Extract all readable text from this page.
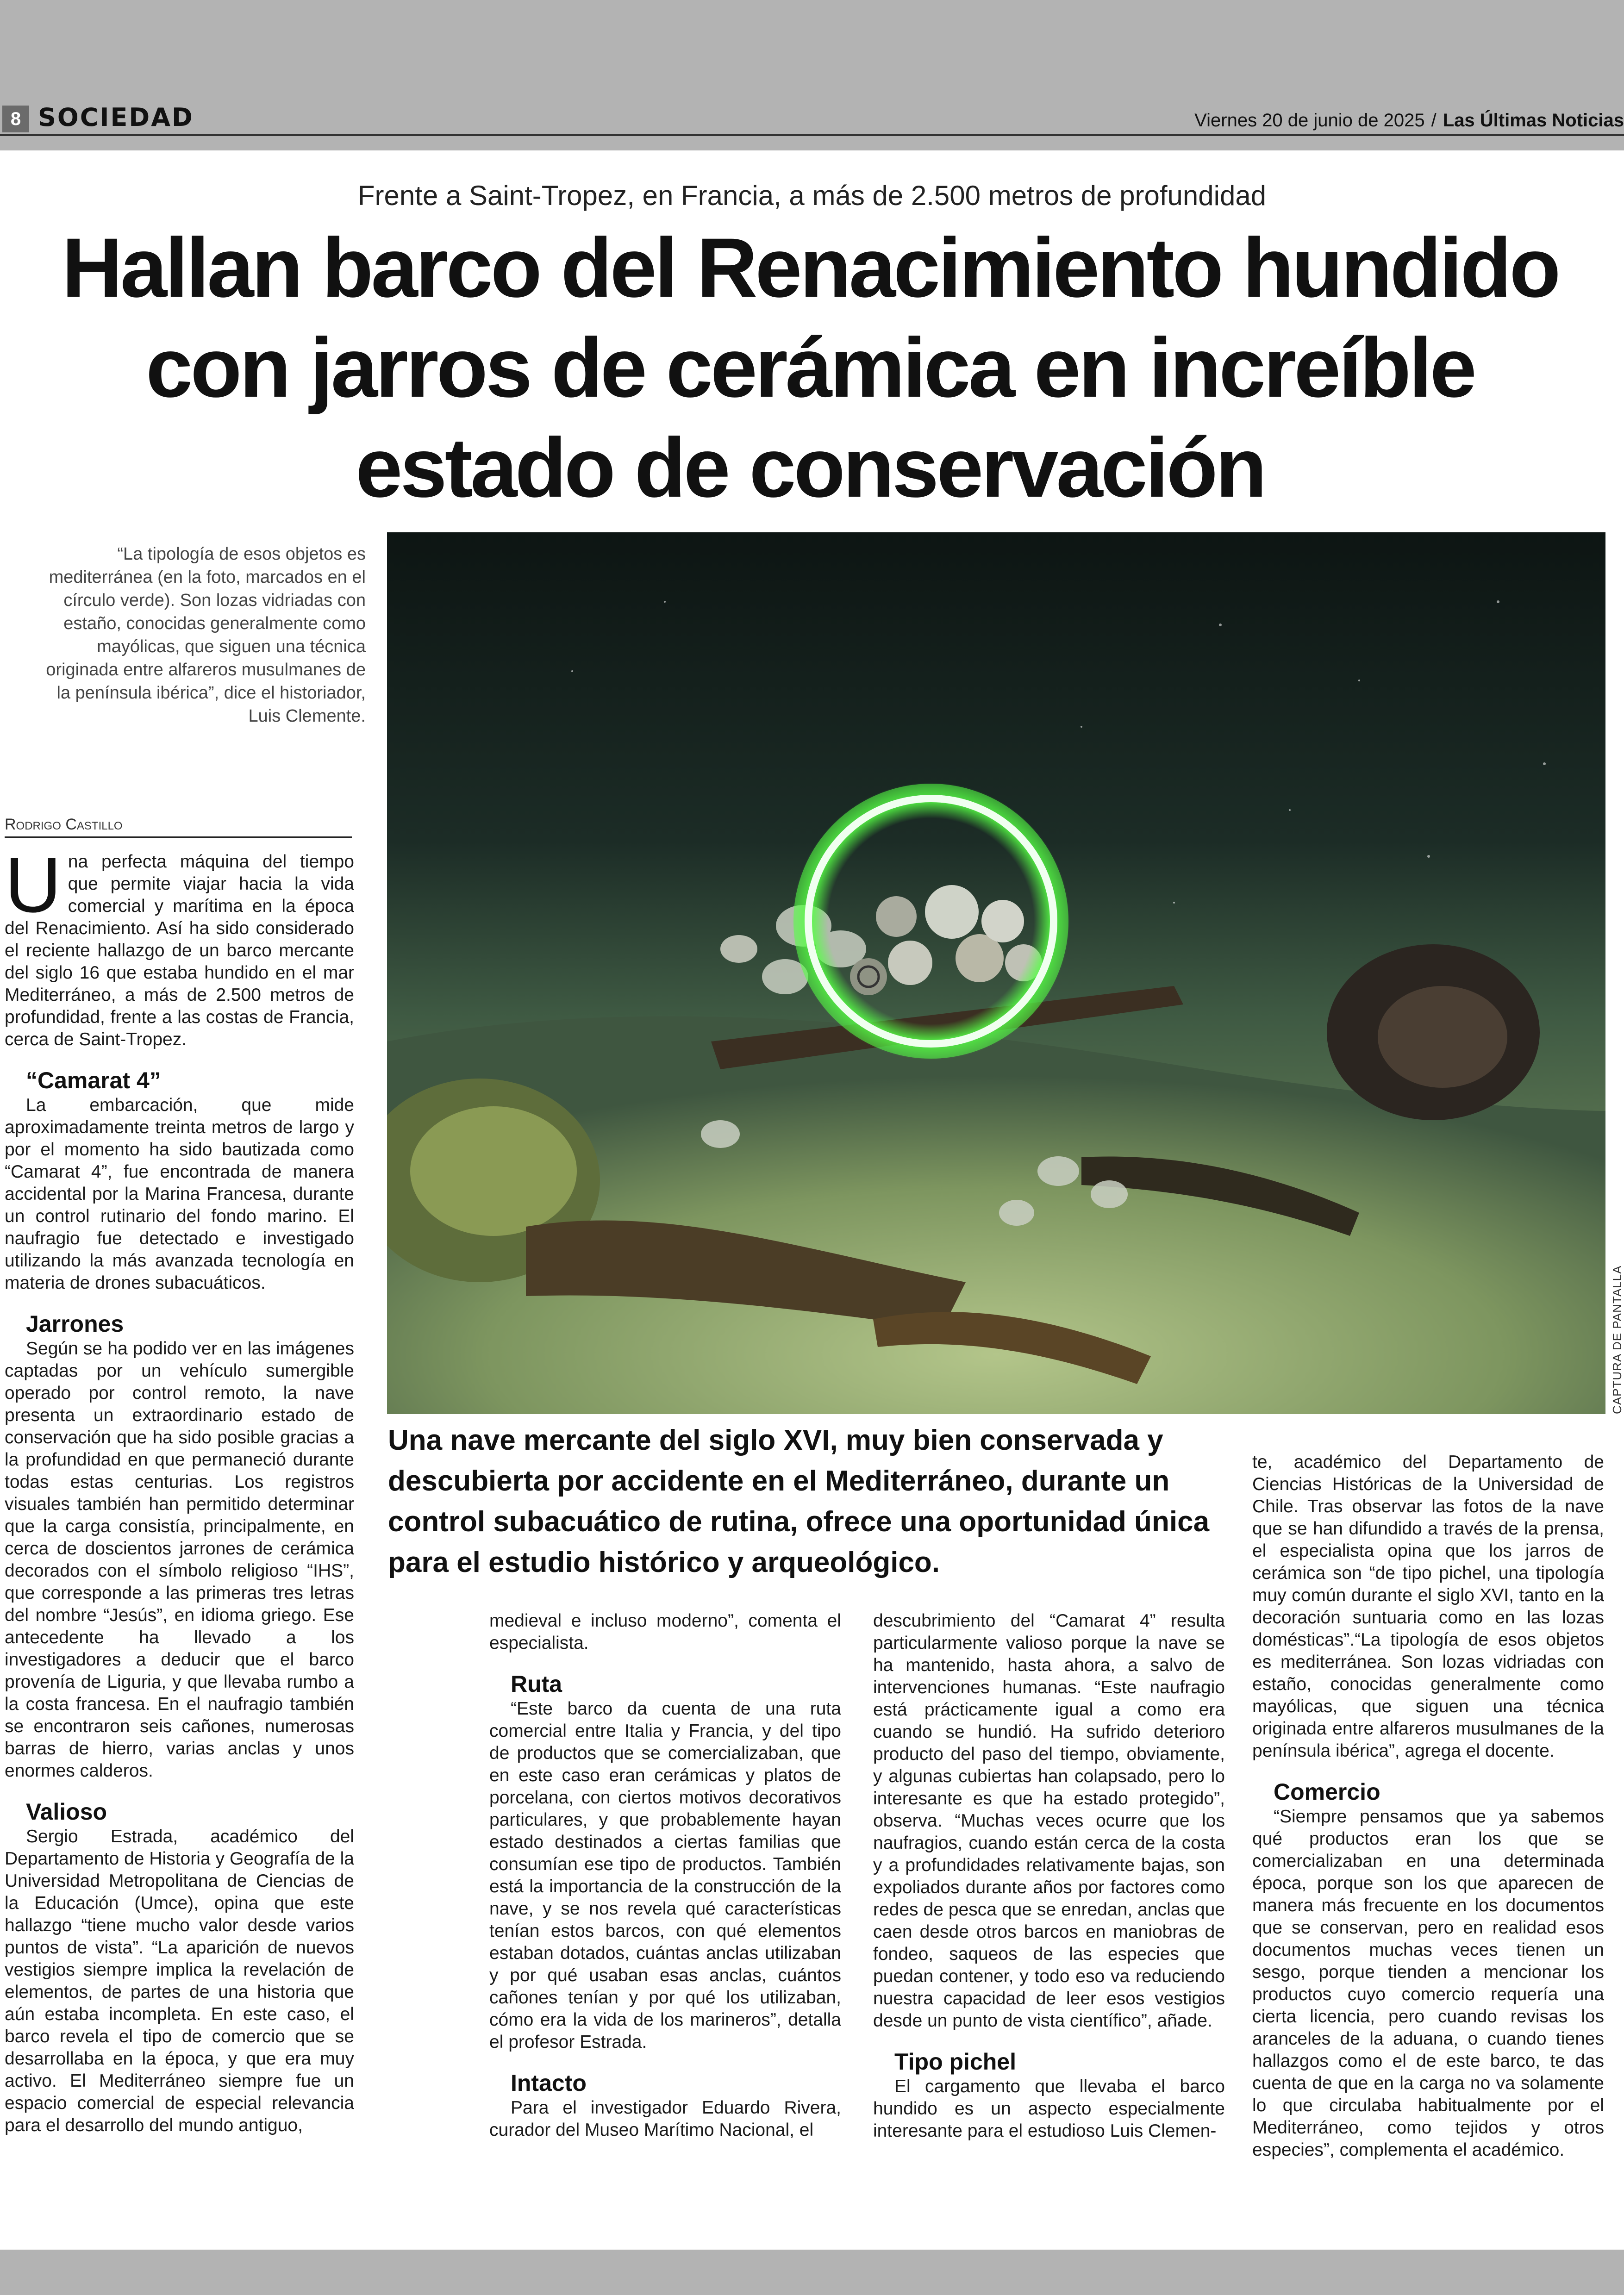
8 SOCIEDAD	Viernes 20 de junio de 2025 / Las Últimas Noticias
Frente a Saint-Tropez, en Francia, a más de 2.500 metros de profundidad
Hallan barco del Renacimiento hundido con jarros de cerámica en increíble estado de conservación
“La tipología de esos objetos es mediterránea (en la foto, marcados en el círculo verde). Son lozas vidriadas con estaño, conocidas generalmente como mayólicas, que siguen una técnica originada entre alfareros musulmanes de la península ibérica”, dice el historiador, Luis Clemente.
CAPTURA DE PANTALLA
Una nave mercante del siglo XVI, muy bien conservada y descubierta por accidente en el Mediterráneo, durante un control subacuático de rutina, ofrece una oportunidad única para el estudio histórico y arqueológico.
Rodrigo Castillo

Una perfecta máquina del tiempo que permite viajar hacia la vida comercial y marítima en la época del Renacimiento. Así ha sido considerado el reciente hallazgo de un barco mercante del siglo 16 que estaba hundido en el mar Mediterráneo, a más de 2.500 metros de profundidad, frente a las costas de Francia, cerca de Saint-Tropez.

“Camarat 4”

La embarcación, que mide aproximadamente treinta metros de largo y por el momento ha sido bautizada como “Camarat 4”, fue encontrada de manera accidental por la Marina Francesa, durante un control rutinario del fondo marino. El naufragio fue detectado e investigado utilizando la más avanzada tecnología en materia de drones subacuáticos.

Jarrones

Según se ha podido ver en las imágenes captadas por un vehículo sumergible operado por control remoto, la nave presenta un extraordinario estado de conservación que ha sido posible gracias a la profundidad en que permaneció durante todas estas centurias. Los registros visuales también han permitido determinar que la carga consistía, principalmente, en cerca de doscientos jarrones de cerámica decorados con el símbolo religioso “IHS”, que corresponde a las primeras tres letras del nombre “Jesús”, en idioma griego. Ese antecedente ha llevado a los investigadores a deducir que el barco provenía de Liguria, y que llevaba rumbo a la costa francesa. En el naufragio también se encontraron seis cañones, numerosas barras de hierro, varias anclas y unos enormes calderos.

Valioso

Sergio Estrada, académico del Departamento de Historia y Geografía de la Universidad Metropolitana de Ciencias de la Educación (Umce), opina que este hallazgo “tiene mucho valor desde varios puntos de vista”. “La aparición de nuevos vestigios siempre implica la revelación de elementos, de partes de una historia que aún estaba incompleta. En este caso, el barco revela el tipo de comercio que se desarrollaba en la época, y que era muy activo. El Mediterráneo siempre fue un espacio comercial de especial relevancia para el desarrollo del mundo antiguo,

medieval e incluso moderno”, comenta el especialista.

Ruta

“Este barco da cuenta de una ruta comercial entre Italia y Francia, y del tipo de productos que se comercializaban, que en este caso eran cerámicas y platos de porcelana, con ciertos motivos decorativos particulares, y que probablemente hayan estado destinados a ciertas familias que consumían ese tipo de productos. También está la importancia de la construcción de la nave, y se nos revela qué características tenían estos barcos, con qué elementos estaban dotados, cuántas anclas utilizaban y por qué usaban esas anclas, cuántos cañones tenían y por qué los utilizaban, cómo era la vida de los marineros”, detalla el profesor Estrada.

Intacto

Para el investigador Eduardo Rivera, curador del Museo Marítimo Nacional, el

descubrimiento del “Camarat 4” resulta particularmente valioso porque la nave se ha mantenido, hasta ahora, a salvo de intervenciones humanas. “Este naufragio está prácticamente igual a como era cuando se hundió. Ha sufrido deterioro producto del paso del tiempo, obviamente, y algunas cubiertas han colapsado, pero lo interesante es que ha estado protegido”, observa. “Muchas veces ocurre que los naufragios, cuando están cerca de la costa y a profundidades relativamente bajas, son expoliados durante años por factores como redes de pesca que se enredan, anclas que caen desde otros barcos en maniobras de fondeo, saqueos de las especies que puedan contener, y todo eso va reduciendo nuestra capacidad de leer esos vestigios desde un punto de vista científico”, añade.

Tipo pichel

El cargamento que llevaba el barco hundido es un aspecto especialmente interesante para el estudioso Luis Clemen-

te, académico del Departamento de Ciencias Históricas de la Universidad de Chile. Tras observar las fotos de la nave que se han difundido a través de la prensa, el especialista opina que los jarros de cerámica son “de tipo pichel, una tipología muy común durante el siglo XVI, tanto en la decoración suntuaria como en las lozas domésticas”.“La tipología de esos objetos es mediterránea. Son lozas vidriadas con estaño, conocidas generalmente como mayólicas, que siguen una técnica originada entre alfareros musulmanes de la península ibérica”, agrega el docente.

Comercio

“Siempre pensamos que ya sabemos qué productos eran los que se comercializaban en una determinada época, porque son los que aparecen de manera más frecuente en los documentos que se conservan, pero en realidad esos documentos muchas veces tienen un sesgo, porque tienden a mencionar los productos cuyo comercio requería una cierta licencia, pero cuando revisas los aranceles de la aduana, o cuando tienes hallazgos como el de este barco, te das cuenta de que en la carga no va solamente lo que circulaba habitualmente por el Mediterráneo, como tejidos y otros especies”, complementa el académico.
